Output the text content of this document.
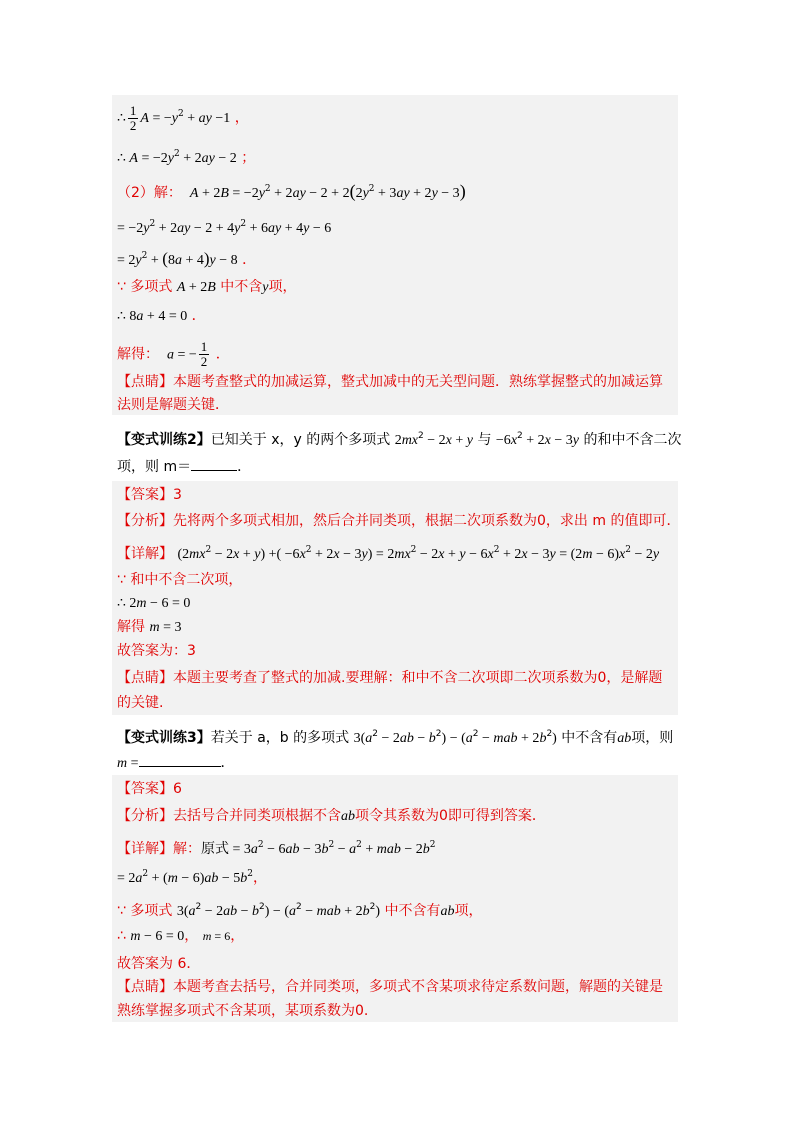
∴ $\frac{1}{2}$ $A = -y^2$ + ay −1 ，
∴ $A = -2y^2 + 2ay - 2$ ；
（2）解：  $A + 2B = -2y^2 + 2ay - 2 + 2(2y^2 + 3ay + 2y - 3)$
= $-2y^2 + 2ay - 2 + 4y^2 + 6ay + 4y - 6$
= $2y^2 + (8a + 4)y - 8$ ．
∵ 多项式 A + 2B 中不含y项，
∴ 8a + 4 = 0 ．
解得：  a = − $\frac{1}{2}$ ．
【点睛】本题考查整式的加减运算，整式加减中的无关型问题．熟练掌握整式的加减运算
法则是解题关键．
【变式训练2】已知关于 x，y 的两个多项式 $2mx^2 - 2x + y$ 与 $-6x^2 + 2x - 3y$ 的和中不含二次
项，则 m＝	．
【答案】3
【分析】先将两个多项式相加，然后合并同类项，根据二次项系数为0，求出 m 的值即可．
【详解】 $(2mx^2 - 2x + y)$ +( $-6x^2 + 2x - 3y) = 2mx^2 - 2x + y - 6x^2 + 2x - 3y = (2m - 6)x^2 - 2y$
∵ 和中不含二次项，
∴ 2m − 6 = 0
解得 m = 3
故答案为：3
【点睛】本题主要考查了整式的加减.要理解：和中不含二次项即二次项系数为0，是解题
的关键.
【变式训练3】若关于 a，b 的多项式 $3(a^2 - 2ab - b^2) - (a^2$ − mab + $2b^2$) 中不含有ab项，则
m =	．
【答案】6
【分析】去括号合并同类项根据不含ab项令其系数为0即可得到答案．
【详解】解：原式 = $3a^2 - 6ab - 3b^2 - a^2$ + mab − $2b^2$
= $2a^2 + (m - 6)ab - 5b^2$，
∵ 多项式 $3(a^2 - 2ab - b^2) - (a^2$ − mab + $2b^2$) 中不含有ab项，
∴ m − 6 = 0， m = 6，
故答案为 6．
【点睛】本题考查去括号，合并同类项，多项式不含某项求待定系数问题，解题的关键是
熟练掌握多项式不含某项，某项系数为0.
